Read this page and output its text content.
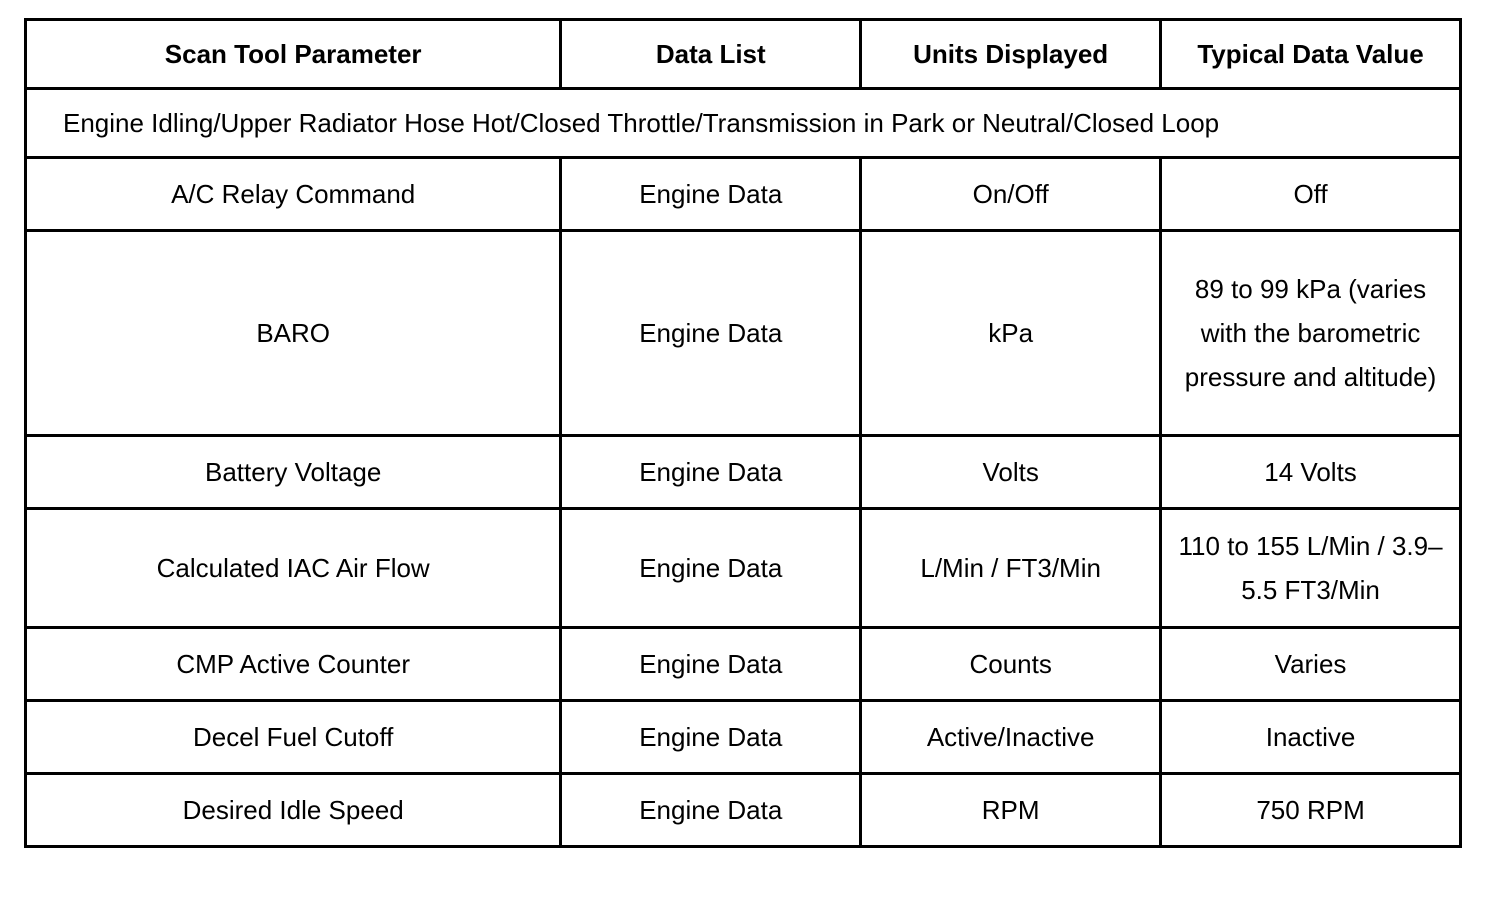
Scan Tool Parameter	Data List	Units Displayed	Typical Data Value
Engine Idling/Upper Radiator Hose Hot/Closed Throttle/Transmission in Park or Neutral/Closed Loop			
A/C Relay Command	Engine Data	On/Off	Off
BARO	Engine Data	kPa	89 to 99 kPa (varies with the barometric pressure and altitude)
Battery Voltage	Engine Data	Volts	14 Volts
Calculated IAC Air Flow	Engine Data	L/Min / FT3/Min	110 to 155 L/Min / 3.9–5.5 FT3/Min
CMP Active Counter	Engine Data	Counts	Varies
Decel Fuel Cutoff	Engine Data	Active/Inactive	Inactive
Desired Idle Speed	Engine Data	RPM	750 RPM
